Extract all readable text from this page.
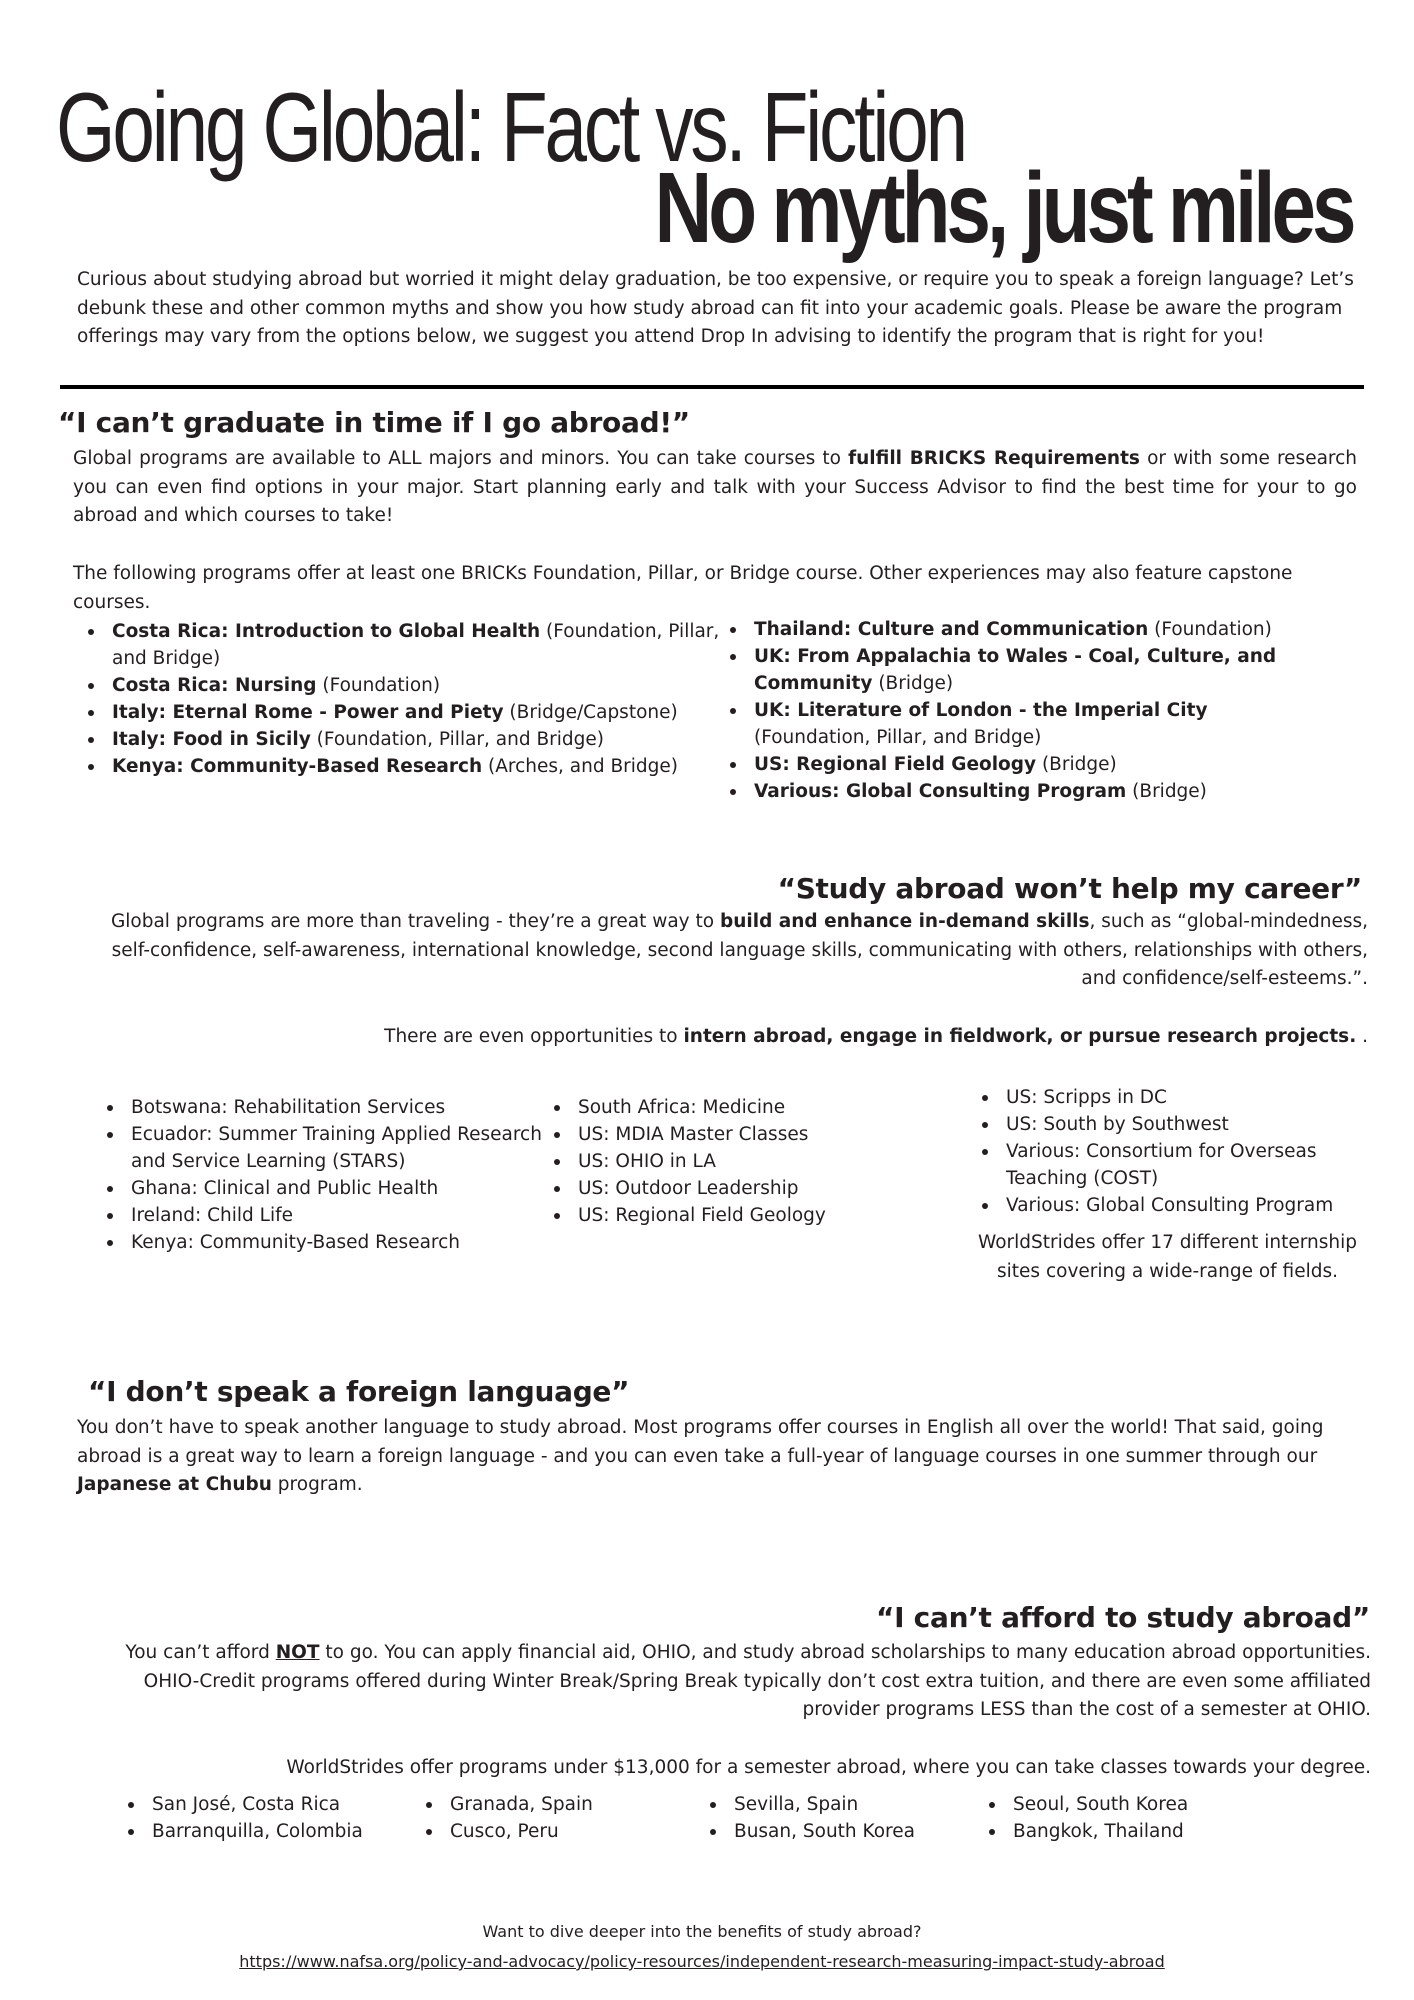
Going Global: Fact vs. Fiction
No myths, just miles

Curious about studying abroad but worried it might delay graduation, be too expensive, or require you to speak a foreign language? Let’s debunk these and other common myths and show you how study abroad can fit into your academic goals. Please be aware the program offerings may vary from the options below, we suggest you attend Drop In advising to identify the program that is right for you!

“I can’t graduate in time if I go abroad!”

Global programs are available to ALL majors and minors. You can take courses to fulfill BRICKS Requirements or with some research you can even find options in your major. Start planning early and talk with your Success Advisor to find the best time for your to go abroad and which courses to take!

The following programs offer at least one BRICKs Foundation, Pillar, or Bridge course. Other experiences may also feature capstone courses.

Costa Rica: Introduction to Global Health (Foundation, Pillar, and Bridge)
Costa Rica: Nursing (Foundation)
Italy: Eternal Rome - Power and Piety (Bridge/Capstone)
Italy: Food in Sicily (Foundation, Pillar, and Bridge)
Kenya: Community-Based Research (Arches, and Bridge)
Thailand: Culture and Communication (Foundation)
UK: From Appalachia to Wales - Coal, Culture, and Community (Bridge)
UK: Literature of London - the Imperial City (Foundation, Pillar, and Bridge)
US: Regional Field Geology (Bridge)
Various: Global Consulting Program (Bridge)
“Study abroad won’t help my career”

Global programs are more than traveling - they’re a great way to build and enhance in-demand skills, such as “global-mindedness, self-confidence, self-awareness, international knowledge, second language skills, communicating with others, relationships with others, and confidence/self-esteems.”.

There are even opportunities to intern abroad, engage in fieldwork, or pursue research projects. .

Botswana: Rehabilitation Services
Ecuador: Summer Training Applied Research and Service Learning (STARS)
Ghana: Clinical and Public Health
Ireland: Child Life
Kenya: Community-Based Research
South Africa: Medicine
US: MDIA Master Classes
US: OHIO in LA
US: Outdoor Leadership
US: Regional Field Geology
US: Scripps in DC
US: South by Southwest
Various: Consortium for Overseas Teaching (COST)
Various: Global Consulting Program

WorldStrides offer 17 different internship sites covering a wide-range of fields.

“I don’t speak a foreign language”

You don’t have to speak another language to study abroad. Most programs offer courses in English all over the world! That said, going abroad is a great way to learn a foreign language - and you can even take a full-year of language courses in one summer through our Japanese at Chubu program.

“I can’t afford to study abroad”

You can’t afford NOT to go. You can apply financial aid, OHIO, and study abroad scholarships to many education abroad opportunities. OHIO-Credit programs offered during Winter Break/Spring Break typically don’t cost extra tuition, and there are even some affiliated provider programs LESS than the cost of a semester at OHIO.

WorldStrides offer programs under $13,000 for a semester abroad, where you can take classes towards your degree.

San José, Costa Rica
Barranquilla, Colombia
Granada, Spain
Cusco, Peru
Sevilla, Spain
Busan, South Korea
Seoul, South Korea
Bangkok, Thailand

Want to dive deeper into the benefits of study abroad?

https://www.nafsa.org/policy-and-advocacy/policy-resources/independent-research-measuring-impact-study-abroad
